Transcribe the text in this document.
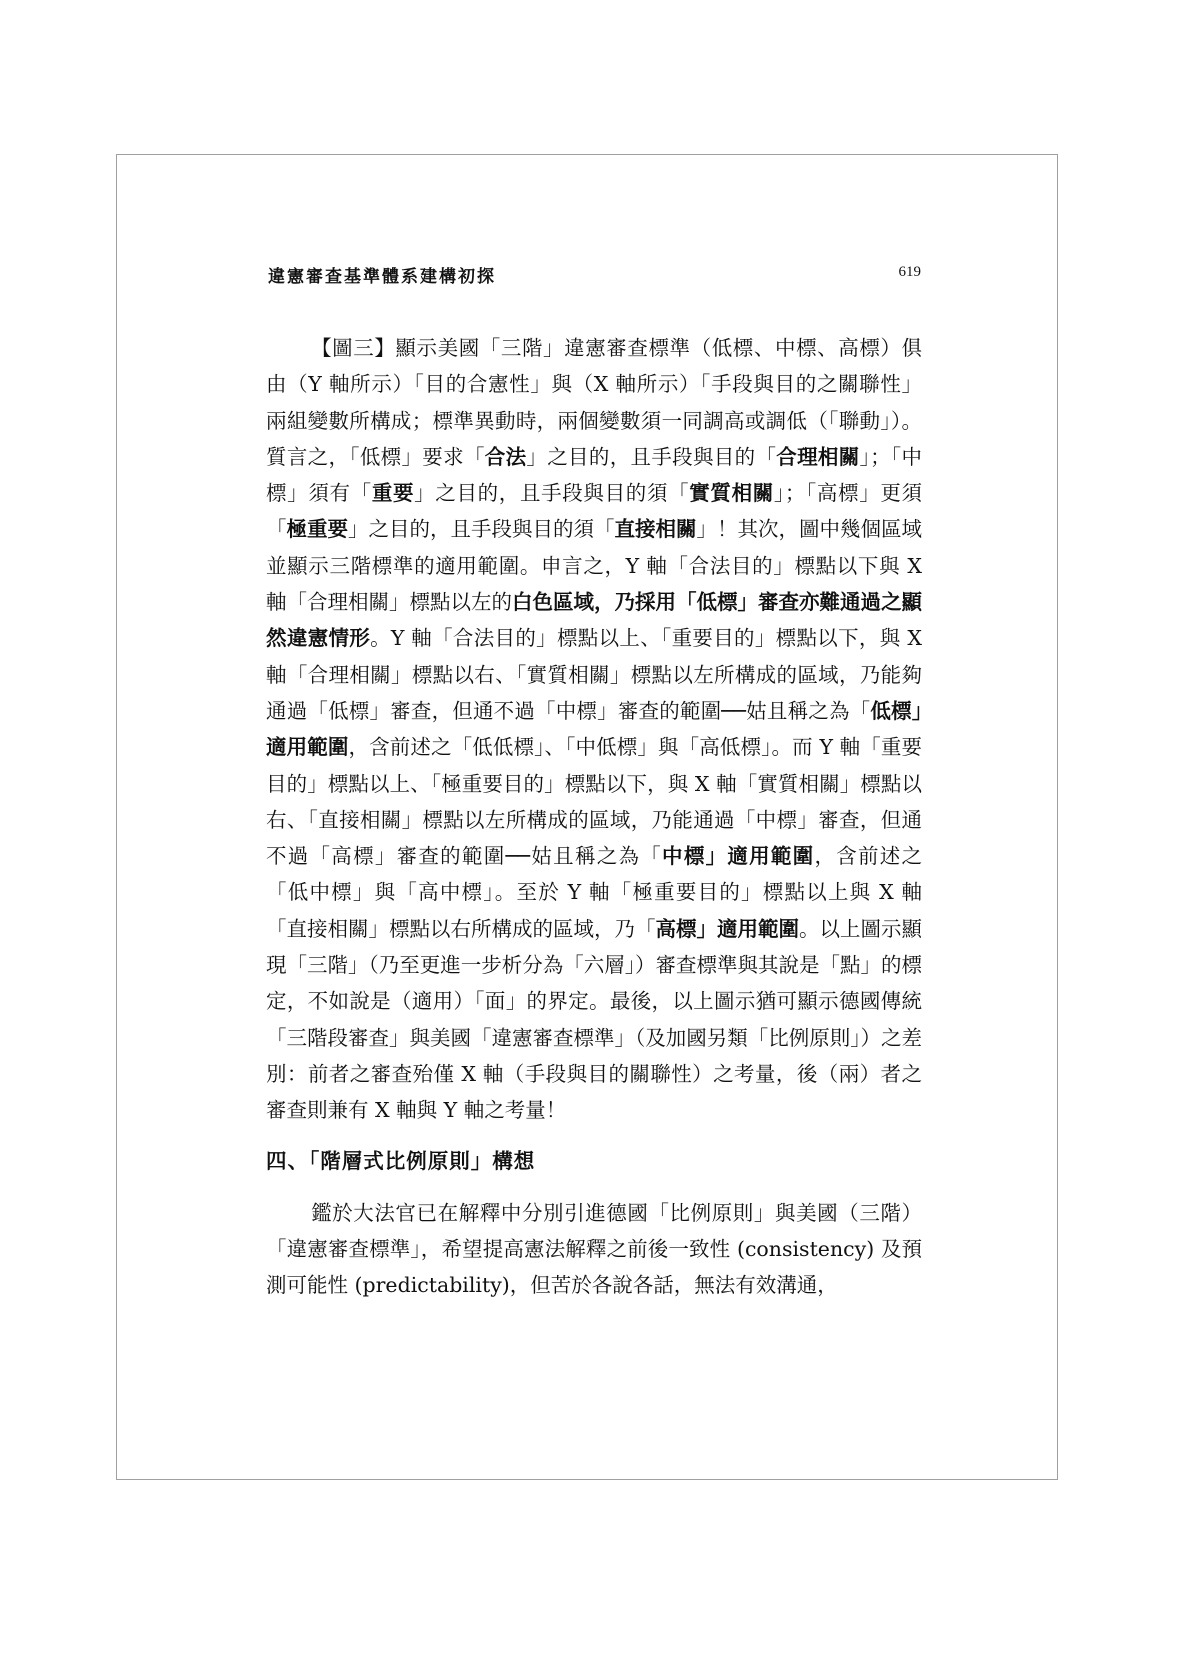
違憲審查基準體系建構初探	619

【圖三】顯示美國「三階」違憲審查標準（低標、中標、高標）俱由（Y 軸所示）「目的合憲性」與（X 軸所示）「手段與目的之關聯性」兩組變數所構成；標準異動時，兩個變數須一同調高或調低（「聯動」）。質言之，「低標」要求「合法」之目的，且手段與目的「合理相關」；「中標」須有「重要」之目的，且手段與目的須「實質相關」；「高標」更須「極重要」之目的，且手段與目的須「直接相關」！其次，圖中幾個區域並顯示三階標準的適用範圍。申言之，Y 軸「合法目的」標點以下與 X 軸「合理相關」標點以左的白色區域，乃採用「低標」審查亦難通過之顯然違憲情形。Y 軸「合法目的」標點以上、「重要目的」標點以下，與 X 軸「合理相關」標點以右、「實質相關」標點以左所構成的區域，乃能夠通過「低標」審查，但通不過「中標」審查的範圍──姑且稱之為「低標」適用範圍，含前述之「低低標」、「中低標」與「高低標」。而 Y 軸「重要目的」標點以上、「極重要目的」標點以下，與 X 軸「實質相關」標點以右、「直接相關」標點以左所構成的區域，乃能通過「中標」審查，但通不過「高標」審查的範圍──姑且稱之為「中標」適用範圍，含前述之「低中標」與「高中標」。至於 Y 軸「極重要目的」標點以上與 X 軸「直接相關」標點以右所構成的區域，乃「高標」適用範圍。以上圖示顯現「三階」（乃至更進一步析分為「六層」）審查標準與其說是「點」的標定，不如說是（適用）「面」的界定。最後，以上圖示猶可顯示德國傳統「三階段審查」與美國「違憲審查標準」（及加國另類「比例原則」）之差別：前者之審查殆僅 X 軸（手段與目的關聯性）之考量，後（兩）者之審查則兼有 X 軸與 Y 軸之考量！

四、「階層式比例原則」構想

鑑於大法官已在解釋中分別引進德國「比例原則」與美國（三階）「違憲審查標準」，希望提高憲法解釋之前後一致性 (consistency) 及預測可能性 (predictability)，但苦於各說各話，無法有效溝通，
